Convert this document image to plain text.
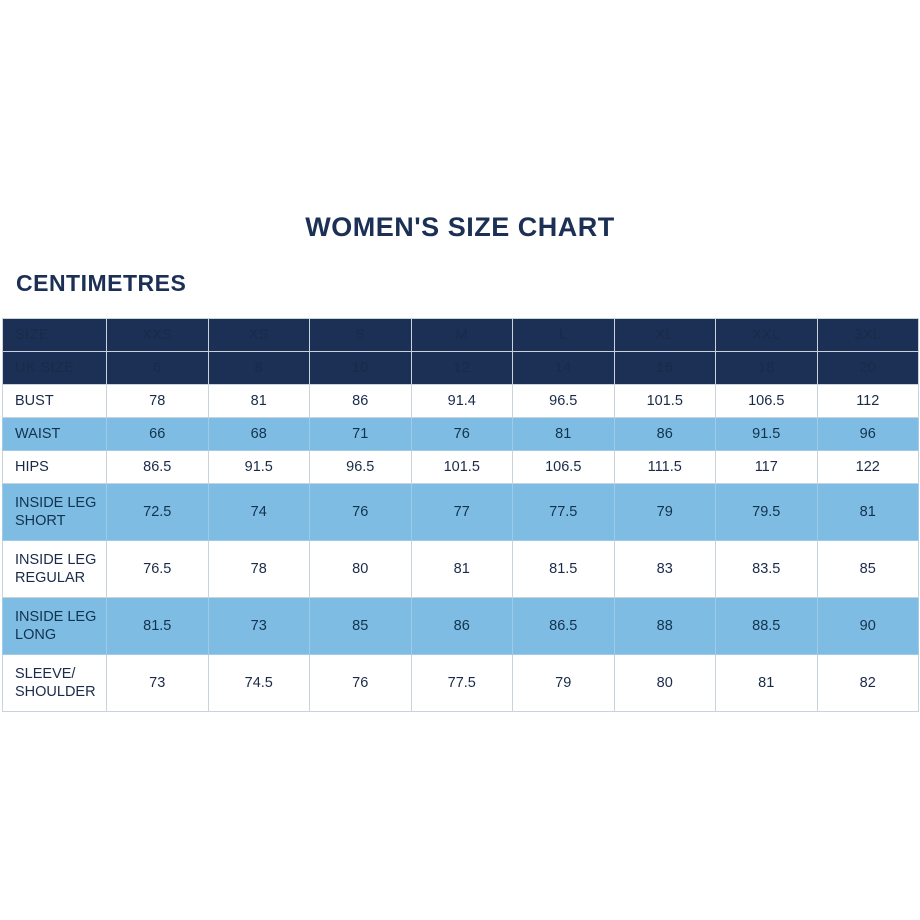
WOMEN'S SIZE CHART
CENTIMETRES
SIZE	XXS	XS	S	M	L	XL	XXL	3XL
UK SIZE	6	8	10	12	14	16	18	20
BUST	78	81	86	91.4	96.5	101.5	106.5	112
WAIST	66	68	71	76	81	86	91.5	96
HIPS	86.5	91.5	96.5	101.5	106.5	111.5	117	122

INSIDE LEG
SHORT	72.5	74	76	77	77.5	79	79.5	81

INSIDE LEG
REGULAR	76.5	78	80	81	81.5	83	83.5	85

INSIDE LEG
LONG	81.5	73	85	86	86.5	88	88.5	90

SLEEVE/
SHOULDER	73	74.5	76	77.5	79	80	81	82
